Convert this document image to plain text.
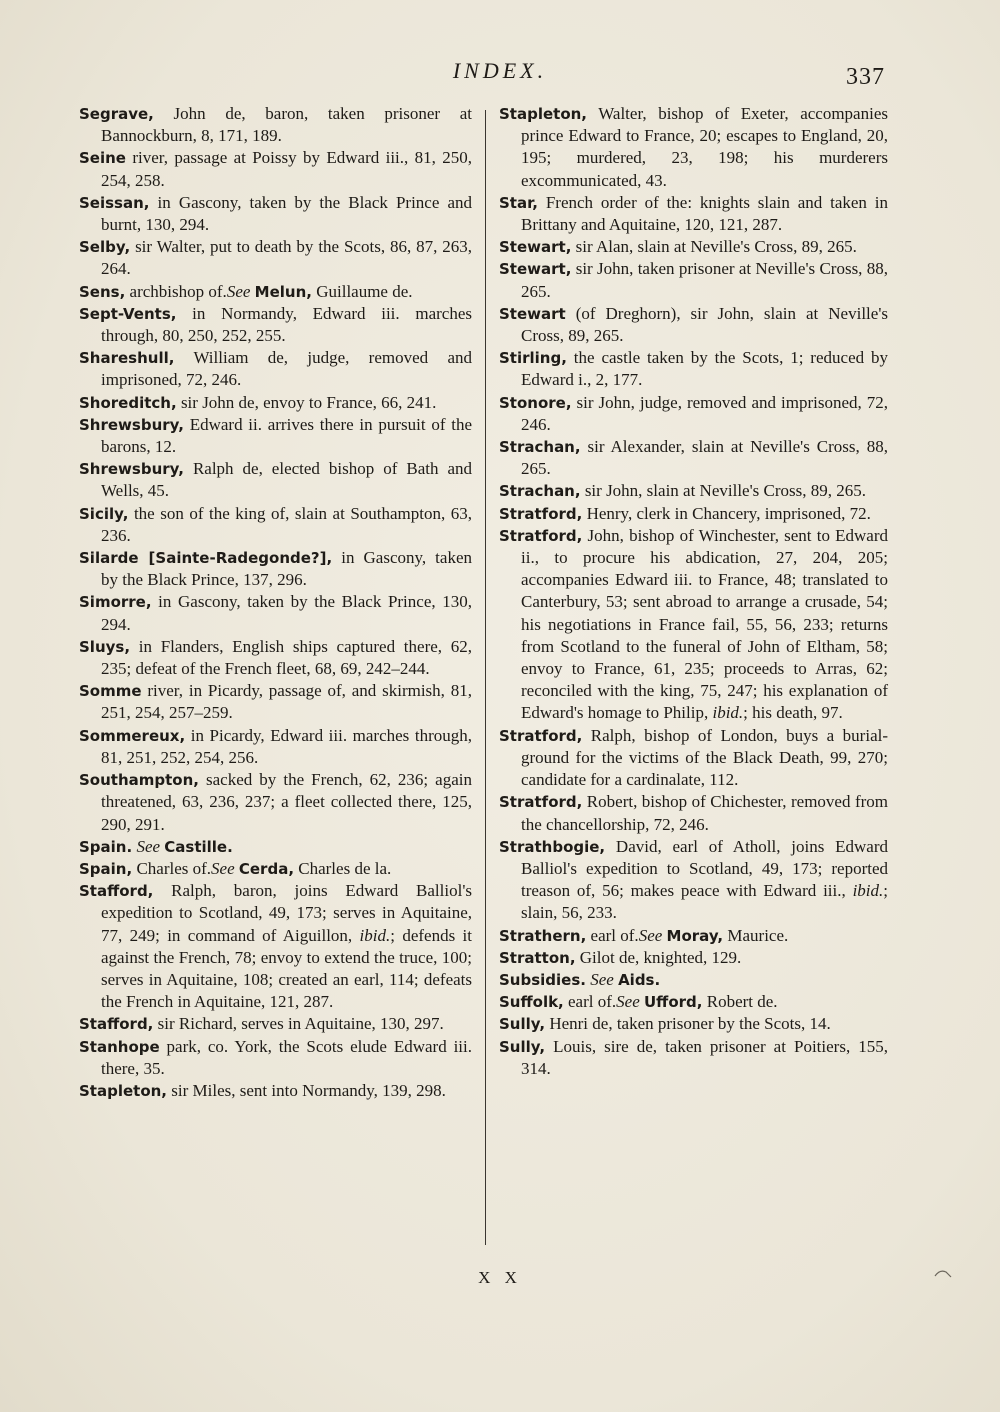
INDEX.	337

Segrave, John de, baron, taken prisoner at Bannockburn, 8, 171, 189.

Seine river, passage at Poissy by Edward iii., 81, 250, 254, 258.

Seissan, in Gascony, taken by the Black Prince and burnt, 130, 294.

Selby, sir Walter, put to death by the Scots, 86, 87, 263, 264.

Sens, archbishop of.See Melun, Guillaume de.

Sept-Vents, in Normandy, Edward iii. marches through, 80, 250, 252, 255.

Shareshull, William de, judge, removed and imprisoned, 72, 246.

Shoreditch, sir John de, envoy to France, 66, 241.

Shrewsbury, Edward ii. arrives there in pursuit of the barons, 12.

Shrewsbury, Ralph de, elected bishop of Bath and Wells, 45.

Sicily, the son of the king of, slain at Southampton, 63, 236.

Silarde [Sainte-Radegonde?], in Gascony, taken by the Black Prince, 137, 296.

Simorre, in Gascony, taken by the Black Prince, 130, 294.

Sluys, in Flanders, English ships captured there, 62, 235; defeat of the French fleet, 68, 69, 242–244.

Somme river, in Picardy, passage of, and skirmish, 81, 251, 254, 257–259.

Sommereux, in Picardy, Edward iii. marches through, 81, 251, 252, 254, 256.

Southampton, sacked by the French, 62, 236; again threatened, 63, 236, 237; a fleet collected there, 125, 290, 291.

Spain. See Castille.

Spain, Charles of.See Cerda, Charles de la.

Stafford, Ralph, baron, joins Edward Balliol's expedition to Scotland, 49, 173; serves in Aquitaine, 77, 249; in command of Aiguillon, ibid.; defends it against the French, 78; envoy to extend the truce, 100; serves in Aquitaine, 108; created an earl, 114; defeats the French in Aquitaine, 121, 287.

Stafford, sir Richard, serves in Aquitaine, 130, 297.

Stanhope park, co. York, the Scots elude Edward iii. there, 35.

Stapleton, sir Miles, sent into Normandy, 139, 298.

Stapleton, Walter, bishop of Exeter, accompanies prince Edward to France, 20; escapes to England, 20, 195; murdered, 23, 198; his murderers excommunicated, 43.

Star, French order of the: knights slain and taken in Brittany and Aquitaine, 120, 121, 287.

Stewart, sir Alan, slain at Neville's Cross, 89, 265.

Stewart, sir John, taken prisoner at Neville's Cross, 88, 265.

Stewart (of Dreghorn), sir John, slain at Neville's Cross, 89, 265.

Stirling, the castle taken by the Scots, 1; reduced by Edward i., 2, 177.

Stonore, sir John, judge, removed and imprisoned, 72, 246.

Strachan, sir Alexander, slain at Neville's Cross, 88, 265.

Strachan, sir John, slain at Neville's Cross, 89, 265.

Stratford, Henry, clerk in Chancery, imprisoned, 72.

Stratford, John, bishop of Winchester, sent to Edward ii., to procure his abdication, 27, 204, 205; accompanies Edward iii. to France, 48; translated to Canterbury, 53; sent abroad to arrange a crusade, 54; his negotiations in France fail, 55, 56, 233; returns from Scotland to the funeral of John of Eltham, 58; envoy to France, 61, 235; proceeds to Arras, 62; reconciled with the king, 75, 247; his explanation of Edward's homage to Philip, ibid.; his death, 97.

Stratford, Ralph, bishop of London, buys a burial-ground for the victims of the Black Death, 99, 270; candidate for a cardinalate, 112.

Stratford, Robert, bishop of Chichester, removed from the chancellorship, 72, 246.

Strathbogie, David, earl of Atholl, joins Edward Balliol's expedition to Scotland, 49, 173; reported treason of, 56; makes peace with Edward iii., ibid.; slain, 56, 233.

Strathern, earl of.See Moray, Maurice.

Stratton, Gilot de, knighted, 129.

Subsidies. See Aids.

Suffolk, earl of.See Ufford, Robert de.

Sully, Henri de, taken prisoner by the Scots, 14.

Sully, Louis, sire de, taken prisoner at Poitiers, 155, 314.

X X
